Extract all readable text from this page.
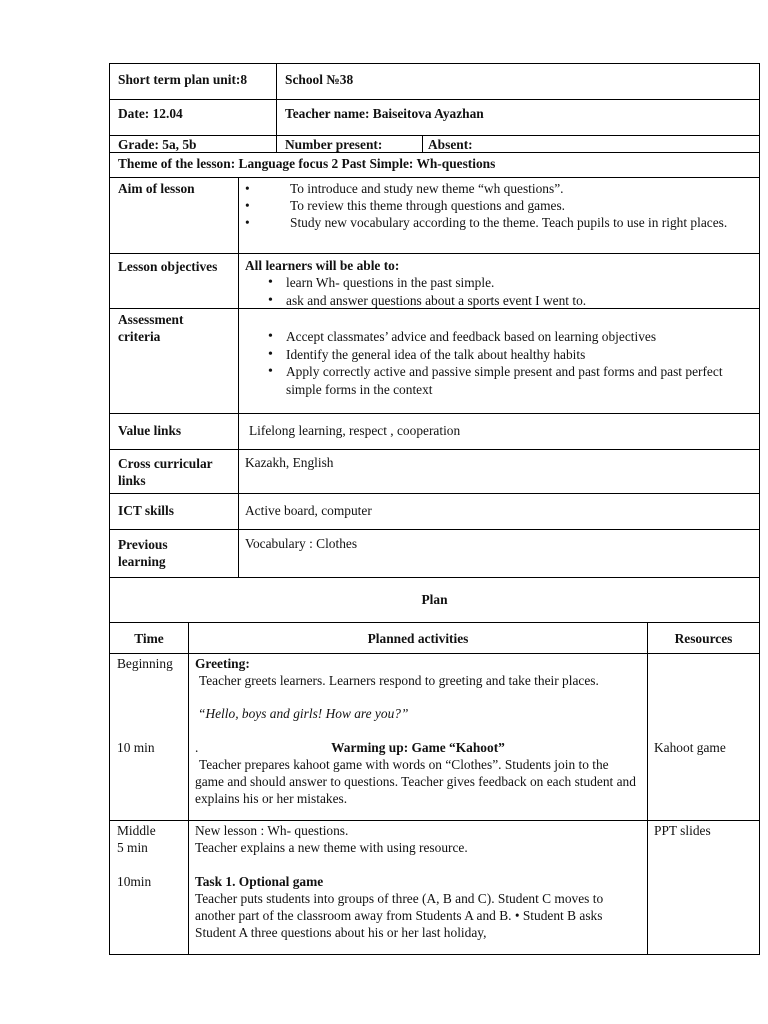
Short term plan unit:8	School №38
Date: 12.04	Teacher name: Baiseitova Ayazhan
Grade: 5a, 5b	Number present:	Absent:
Theme of the lesson: Language focus 2 Past Simple: Wh-questions
Aim of lesson	•	To introduce and study new theme “wh questions”.
•	To review this theme through questions and games.
•	Study new vocabulary according to the theme. Teach pupils to use in right places.
Lesson objectives	All learners will be able to:
• learn Wh- questions in the past simple.
• ask and answer questions about a sports event I went to.
Assessment criteria
•	Accept classmates’ advice and feedback based on learning objectives
• Identify the general idea of the talk about healthy habits
• Apply correctly active and passive simple present and past forms and past perfect simple forms in the context
Value links	Lifelong learning, respect , cooperation
Cross curricular links
Kazakh, English
ICT skills	Active board, computer
Previous learning
Vocabulary : Clothes
Plan
Time	Planned activities	Resources
Beginning
10 min
Greeting:
Teacher greets learners. Learners respond to greeting and take their places.
“Hello, boys and girls! How are you?”
.	Warming up: Game “Kahoot”
Teacher prepares kahoot game with words on “Clothes”. Students join to the game and should answer to questions. Teacher gives feedback on each student and explains his or her mistakes.
Kahoot game
Middle
5 min
10min
New lesson : Wh- questions.
Teacher explains a new theme with using resource.
Task 1. Optional game
Teacher puts students into groups of three (A, B and C). Student C moves to another part of the classroom away from Students A and B. • Student B asks Student A three questions about his or her last holiday,
PPT slides
